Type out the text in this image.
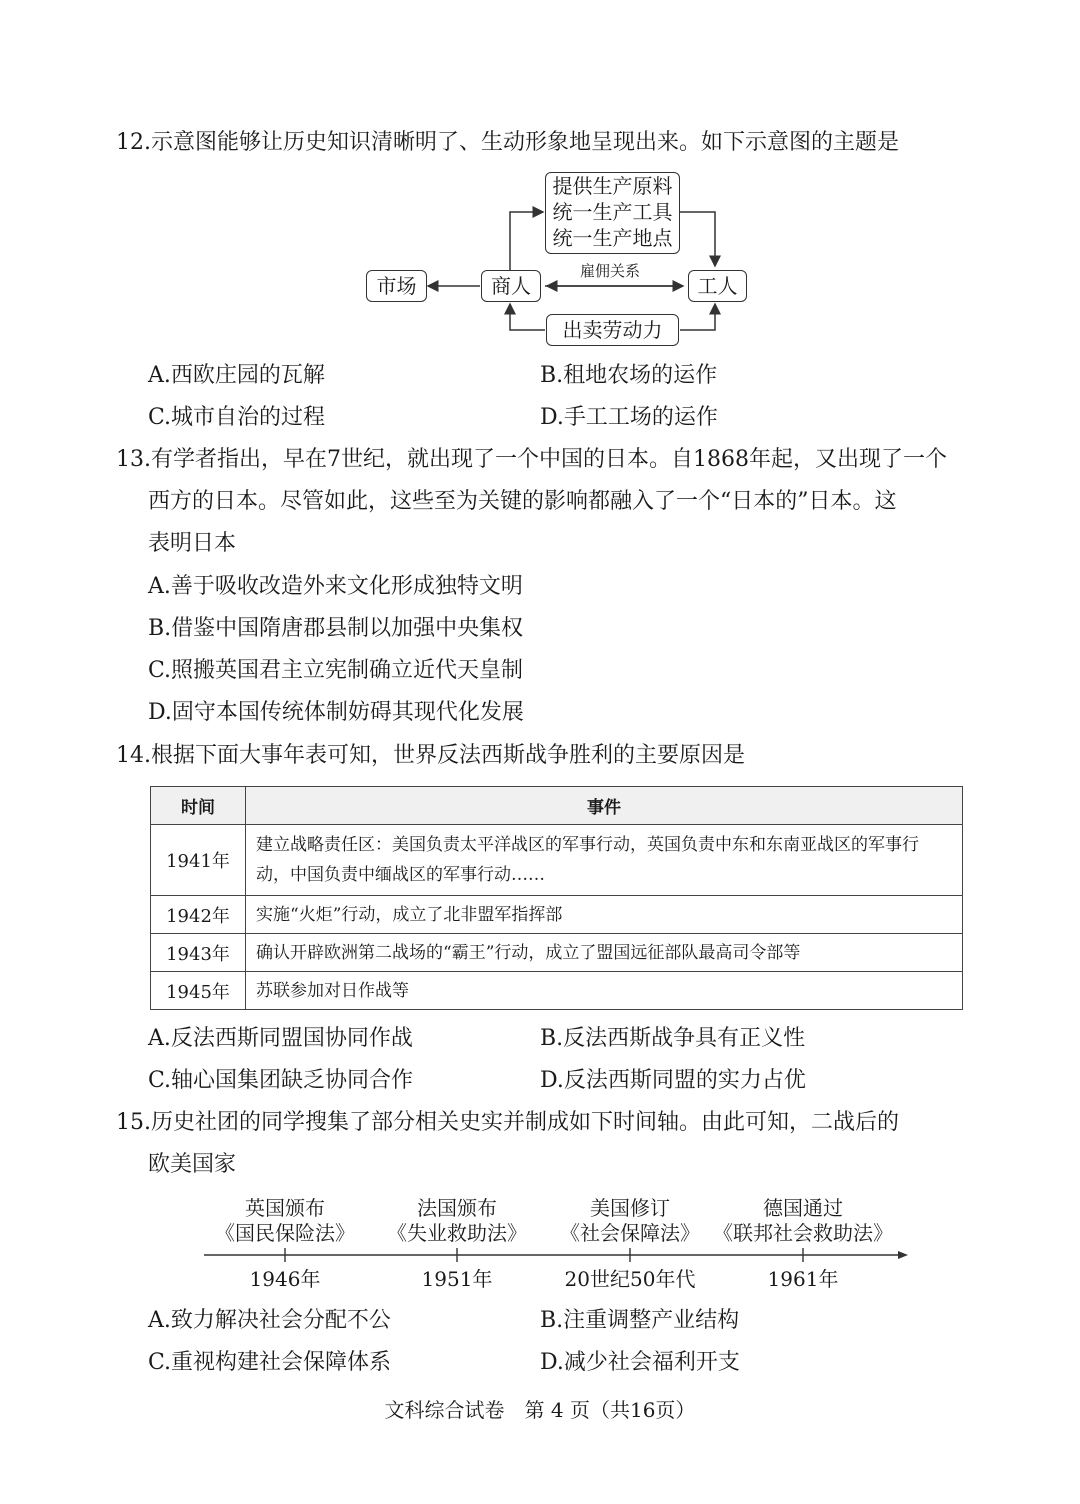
12.示意图能够让历史知识清晰明了、生动形象地呈现出来。如下示意图的主题是
提供生产原料
统一生产工具
统一生产地点
市场	商人
雇佣关系
工人
出卖劳动力
A.西欧庄园的瓦解	B.租地农场的运作
C.城市自治的过程	D.手工工场的运作
13.有学者指出，早在7世纪，就出现了一个中国的日本。自1868年起，又出现了一个
西方的日本。尽管如此，这些至为关键的影响都融入了一个“日本的”日本。这
表明日本
A.善于吸收改造外来文化形成独特文明
B.借鉴中国隋唐郡县制以加强中央集权
C.照搬英国君主立宪制确立近代天皇制
D.固守本国传统体制妨碍其现代化发展
14.根据下面大事年表可知，世界反法西斯战争胜利的主要原因是
时间	事件
1941年	建立战略责任区：美国负责太平洋战区的军事行动，英国负责中东和东南亚战区的军事行动，中国负责中缅战区的军事行动……
1942年	实施“火炬”行动，成立了北非盟军指挥部
1943年	确认开辟欧洲第二战场的“霸王”行动，成立了盟国远征部队最高司令部等
1945年	苏联参加对日作战等
A.反法西斯同盟国协同作战	B.反法西斯战争具有正义性
C.轴心国集团缺乏协同合作	D.反法西斯同盟的实力占优
15.历史社团的同学搜集了部分相关史实并制成如下时间轴。由此可知，二战后的
欧美国家
英国颁布
《国民保险法》
1946年
法国颁布
《失业救助法》
1951年
美国修订
《社会保障法》
20世纪50年代
德国通过
《联邦社会救助法》
1961年
A.致力解决社会分配不公	B.注重调整产业结构
C.重视构建社会保障体系	D.减少社会福利开支
文科综合试卷　第 4 页（共16页）
